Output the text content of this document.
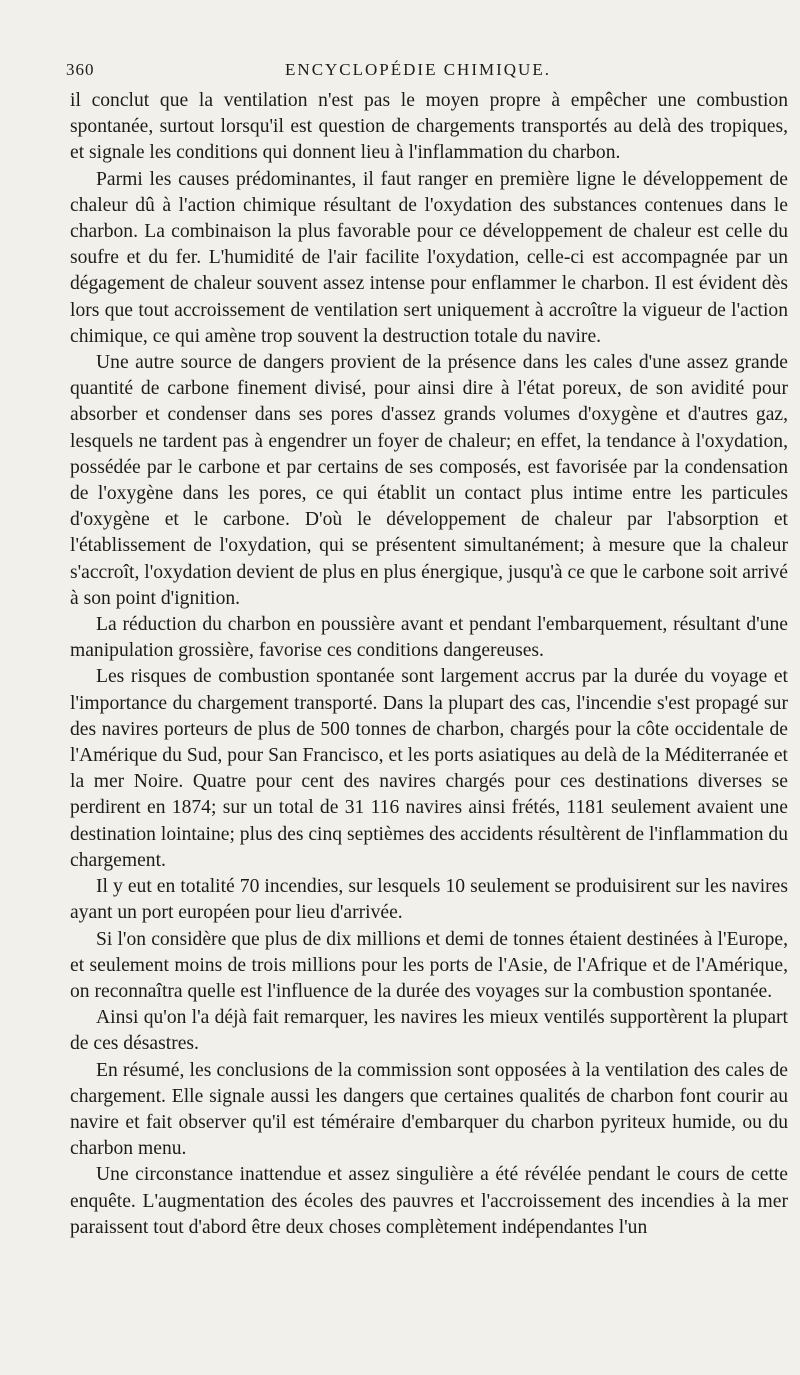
360	ENCYCLOPÉDIE CHIMIQUE.

il conclut que la ventilation n'est pas le moyen propre à empêcher une combustion spontanée, surtout lorsqu'il est question de chargements transportés au delà des tropiques, et signale les conditions qui donnent lieu à l'inflammation du charbon.

Parmi les causes prédominantes, il faut ranger en première ligne le développement de chaleur dû à l'action chimique résultant de l'oxydation des substances contenues dans le charbon. La combinaison la plus favorable pour ce développement de chaleur est celle du soufre et du fer. L'humidité de l'air facilite l'oxydation, celle-ci est accompagnée par un dégagement de chaleur souvent assez intense pour enflammer le charbon. Il est évident dès lors que tout accroissement de ventilation sert uniquement à accroître la vigueur de l'action chimique, ce qui amène trop souvent la destruction totale du navire.

Une autre source de dangers provient de la présence dans les cales d'une assez grande quantité de carbone finement divisé, pour ainsi dire à l'état poreux, de son avidité pour absorber et condenser dans ses pores d'assez grands volumes d'oxygène et d'autres gaz, lesquels ne tardent pas à engendrer un foyer de chaleur; en effet, la tendance à l'oxydation, possédée par le carbone et par certains de ses composés, est favorisée par la condensation de l'oxygène dans les pores, ce qui établit un contact plus intime entre les particules d'oxygène et le carbone. D'où le développement de chaleur par l'absorption et l'établissement de l'oxydation, qui se présentent simultanément; à mesure que la chaleur s'accroît, l'oxydation devient de plus en plus énergique, jusqu'à ce que le carbone soit arrivé à son point d'ignition.

La réduction du charbon en poussière avant et pendant l'embarquement, résultant d'une manipulation grossière, favorise ces conditions dangereuses.

Les risques de combustion spontanée sont largement accrus par la durée du voyage et l'importance du chargement transporté. Dans la plupart des cas, l'incendie s'est propagé sur des navires porteurs de plus de 500 tonnes de charbon, chargés pour la côte occidentale de l'Amérique du Sud, pour San Francisco, et les ports asiatiques au delà de la Méditerranée et la mer Noire. Quatre pour cent des navires chargés pour ces destinations diverses se perdirent en 1874; sur un total de 31 116 navires ainsi frétés, 1181 seulement avaient une destination lointaine; plus des cinq septièmes des accidents résultèrent de l'inflammation du chargement.

Il y eut en totalité 70 incendies, sur lesquels 10 seulement se produisirent sur les navires ayant un port européen pour lieu d'arrivée.

Si l'on considère que plus de dix millions et demi de tonnes étaient destinées à l'Europe, et seulement moins de trois millions pour les ports de l'Asie, de l'Afrique et de l'Amérique, on reconnaîtra quelle est l'influence de la durée des voyages sur la combustion spontanée.

Ainsi qu'on l'a déjà fait remarquer, les navires les mieux ventilés supportèrent la plupart de ces désastres.

En résumé, les conclusions de la commission sont opposées à la ventilation des cales de chargement. Elle signale aussi les dangers que certaines qualités de charbon font courir au navire et fait observer qu'il est téméraire d'embarquer du charbon pyriteux humide, ou du charbon menu.

Une circonstance inattendue et assez singulière a été révélée pendant le cours de cette enquête. L'augmentation des écoles des pauvres et l'accroissement des incendies à la mer paraissent tout d'abord être deux choses complètement indépendantes l'un
